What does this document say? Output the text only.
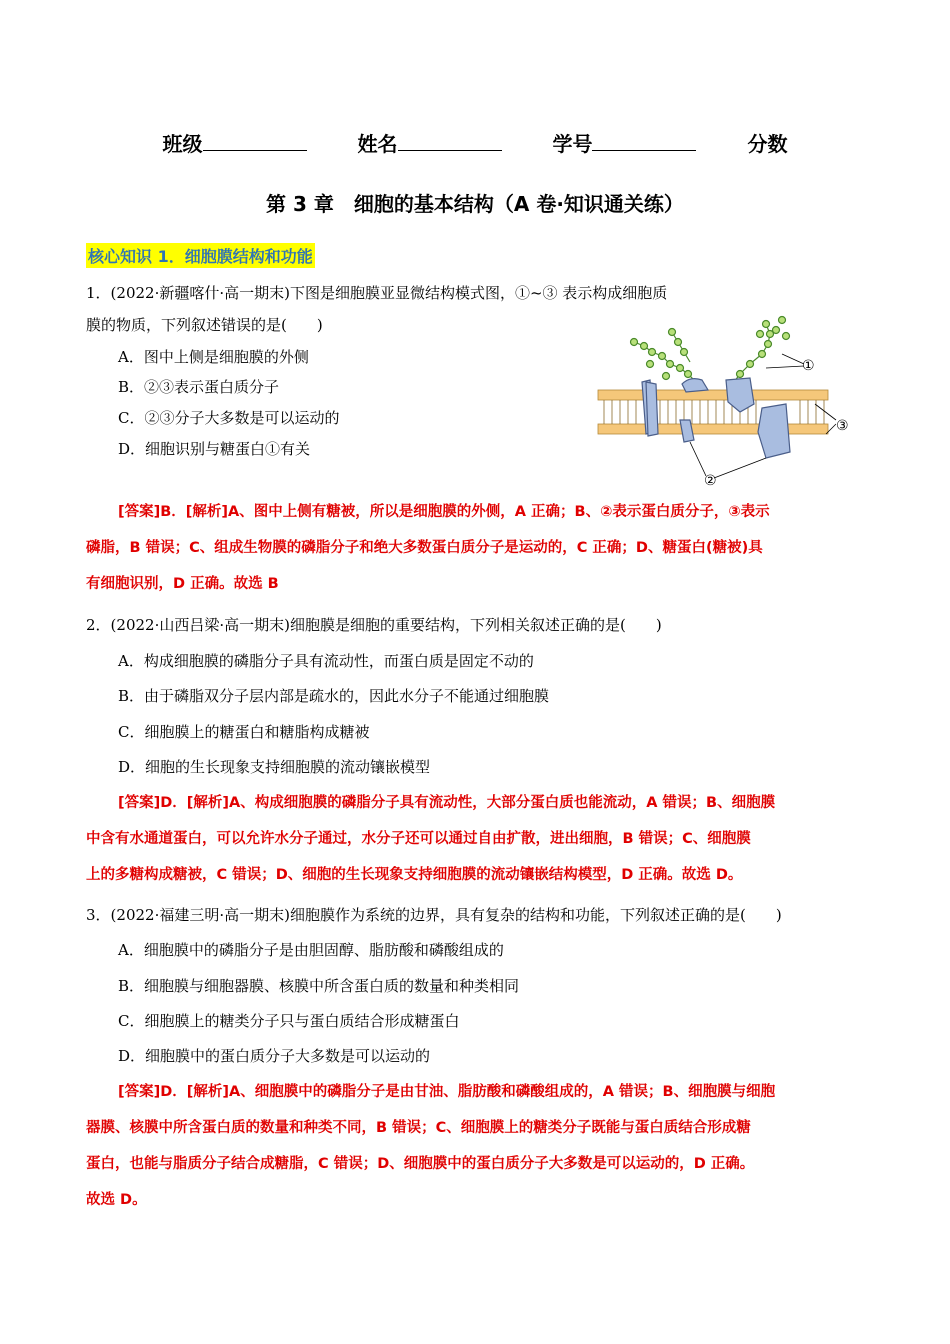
班级	姓名	学号	分数
第 3 章　细胞的基本结构（A 卷·知识通关练）
核心知识 1．细胞膜结构和功能
1．(2022·新疆喀什·高一期末)下图是细胞膜亚显微结构模式图，①~③ 表示构成细胞质
膜的物质，下列叙述错误的是(　　)
A．图中上侧是细胞膜的外侧
B．②③表示蛋白质分子
C．②③分子大多数是可以运动的
D．细胞识别与糖蛋白①有关
①
③
②
[答案]B．[解析]A、图中上侧有糖被，所以是细胞膜的外侧，A 正确；B、②表示蛋白质分子，③表示
磷脂，B 错误；C、组成生物膜的磷脂分子和绝大多数蛋白质分子是运动的，C 正确；D、糖蛋白(糖被)具
有细胞识别，D 正确。故选 B
2．(2022·山西吕梁·高一期末)细胞膜是细胞的重要结构，下列相关叙述正确的是(　　)
A．构成细胞膜的磷脂分子具有流动性，而蛋白质是固定不动的
B．由于磷脂双分子层内部是疏水的，因此水分子不能通过细胞膜
C．细胞膜上的糖蛋白和糖脂构成糖被
D．细胞的生长现象支持细胞膜的流动镶嵌模型
[答案]D．[解析]A、构成细胞膜的磷脂分子具有流动性，大部分蛋白质也能流动，A 错误；B、细胞膜
中含有水通道蛋白，可以允许水分子通过，水分子还可以通过自由扩散，进出细胞，B 错误；C、细胞膜
上的多糖构成糖被，C 错误；D、细胞的生长现象支持细胞膜的流动镶嵌结构模型，D 正确。故选 D。
3．(2022·福建三明·高一期末)细胞膜作为系统的边界，具有复杂的结构和功能，下列叙述正确的是(　　)
A．细胞膜中的磷脂分子是由胆固醇、脂肪酸和磷酸组成的
B．细胞膜与细胞器膜、核膜中所含蛋白质的数量和种类相同
C．细胞膜上的糖类分子只与蛋白质结合形成糖蛋白
D．细胞膜中的蛋白质分子大多数是可以运动的
[答案]D．[解析]A、细胞膜中的磷脂分子是由甘油、脂肪酸和磷酸组成的，A 错误；B、细胞膜与细胞
器膜、核膜中所含蛋白质的数量和种类不同，B 错误；C、细胞膜上的糖类分子既能与蛋白质结合形成糖
蛋白，也能与脂质分子结合成糖脂，C 错误；D、细胞膜中的蛋白质分子大多数是可以运动的，D 正确。
故选 D。
